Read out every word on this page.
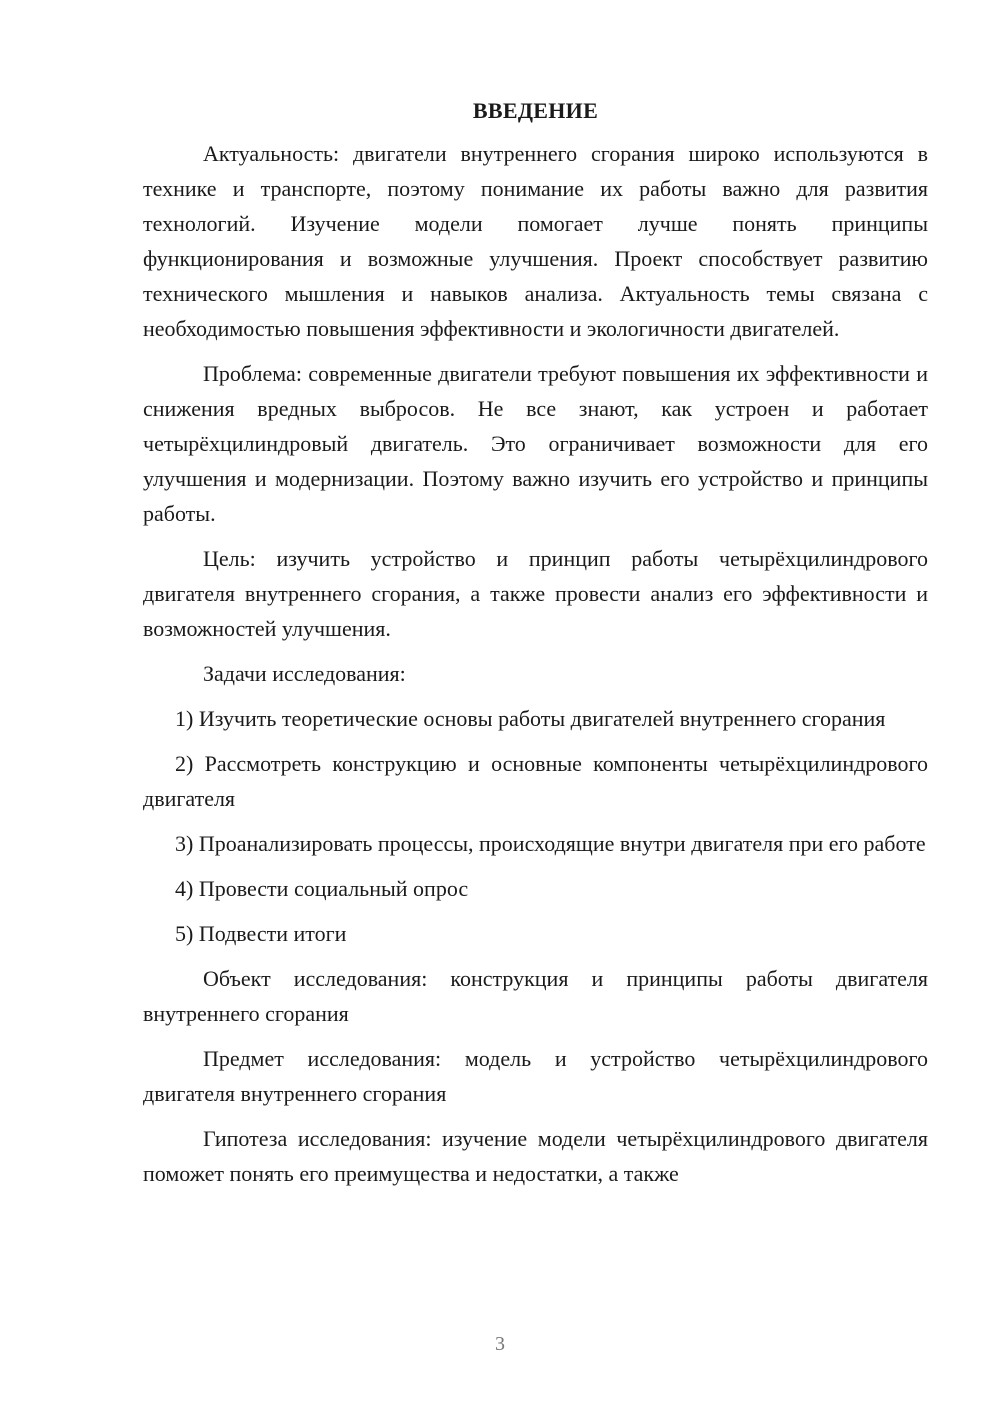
ВВЕДЕНИЕ

Актуальность: двигатели внутреннего сгорания широко используются в технике и транспорте, поэтому понимание их работы важно для развития технологий. Изучение модели помогает лучше понять принципы функционирования и возможные улучшения. Проект способствует развитию технического мышления и навыков анализа. Актуальность темы связана с необходимостью повышения эффективности и экологичности двигателей.

Проблема: современные двигатели требуют повышения их эффективности и снижения вредных выбросов. Не все знают, как устроен и работает четырёхцилиндровый двигатель. Это ограничивает возможности для его улучшения и модернизации. Поэтому важно изучить его устройство и принципы работы.

Цель: изучить устройство и принцип работы четырёхцилиндрового двигателя внутреннего сгорания, а также провести анализ его эффективности и возможностей улучшения.

Задачи исследования:

1) Изучить теоретические основы работы двигателей внутреннего сгорания

2) Рассмотреть конструкцию и основные компоненты четырёхцилиндрового двигателя

3) Проанализировать процессы, происходящие внутри двигателя при его работе

4) Провести социальный опрос

5) Подвести итоги

Объект исследования: конструкция и принципы работы двигателя внутреннего сгорания

Предмет исследования: модель и устройство четырёхцилиндрового двигателя внутреннего сгорания

Гипотеза исследования: изучение модели четырёхцилиндрового двигателя поможет понять его преимущества и недостатки, а также

3
